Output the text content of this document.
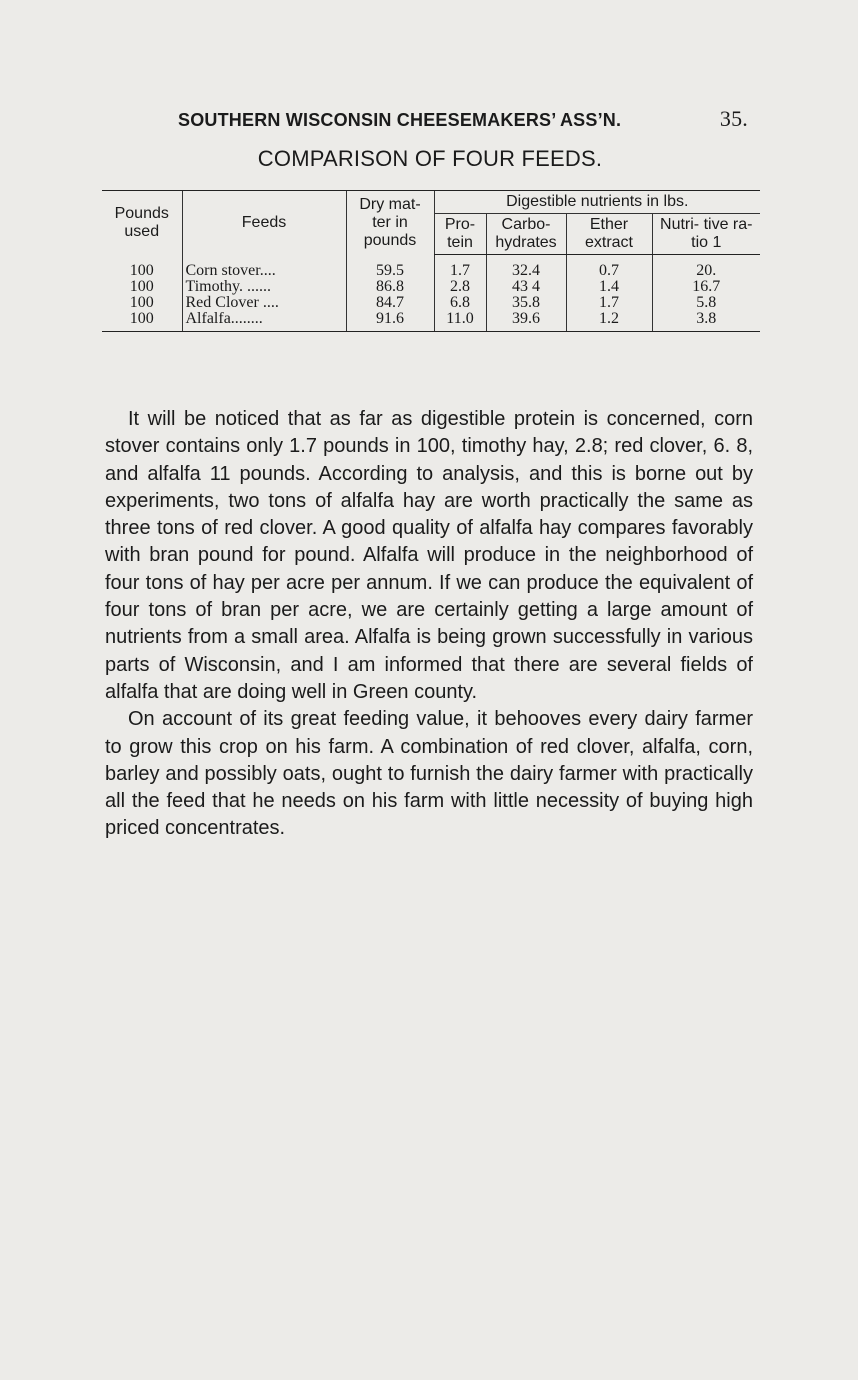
SOUTHERN WISCONSIN CHEESEMAKERS’ ASS’N.	35.
COMPARISON OF FOUR FEEDS.
Pounds used	Feeds	Dry mat- ter in pounds	Digestible nutrients in lbs.			
			Pro- tein	Carbo- hydrates	Ether extract	Nutri- tive ra- tio 1
100	Corn stover....	59.5	1.7	32.4	0.7	20.
100	Timothy. ......	86.8	2.8	43 4	1.4	16.7
100	Red Clover ....	84.7	6.8	35.8	1.7	5.8
100	Alfalfa........	91.6	11.0	39.6	1.2	3.8

It will be noticed that as far as digestible protein is concerned, corn stover contains only 1.7 pounds in 100, timothy hay, 2.8; red clover, 6. 8, and alfalfa 11 pounds. According to analysis, and this is borne out by experiments, two tons of alfalfa hay are worth practically the same as three tons of red clover. A good quality of alfalfa hay compares favorably with bran pound for pound. Alfalfa will produce in the neighborhood of four tons of hay per acre per annum. If we can produce the equivalent of four tons of bran per acre, we are certainly getting a large amount of nutrients from a small area. Alfalfa is being grown successfully in various parts of Wisconsin, and I am informed that there are several fields of alfalfa that are doing well in Green county.

On account of its great feeding value, it behooves every dairy farmer to grow this crop on his farm. A combination of red clover, alfalfa, corn, barley and possibly oats, ought to furnish the dairy farmer with practically all the feed that he needs on his farm with little necessity of buying high priced concentrates.
